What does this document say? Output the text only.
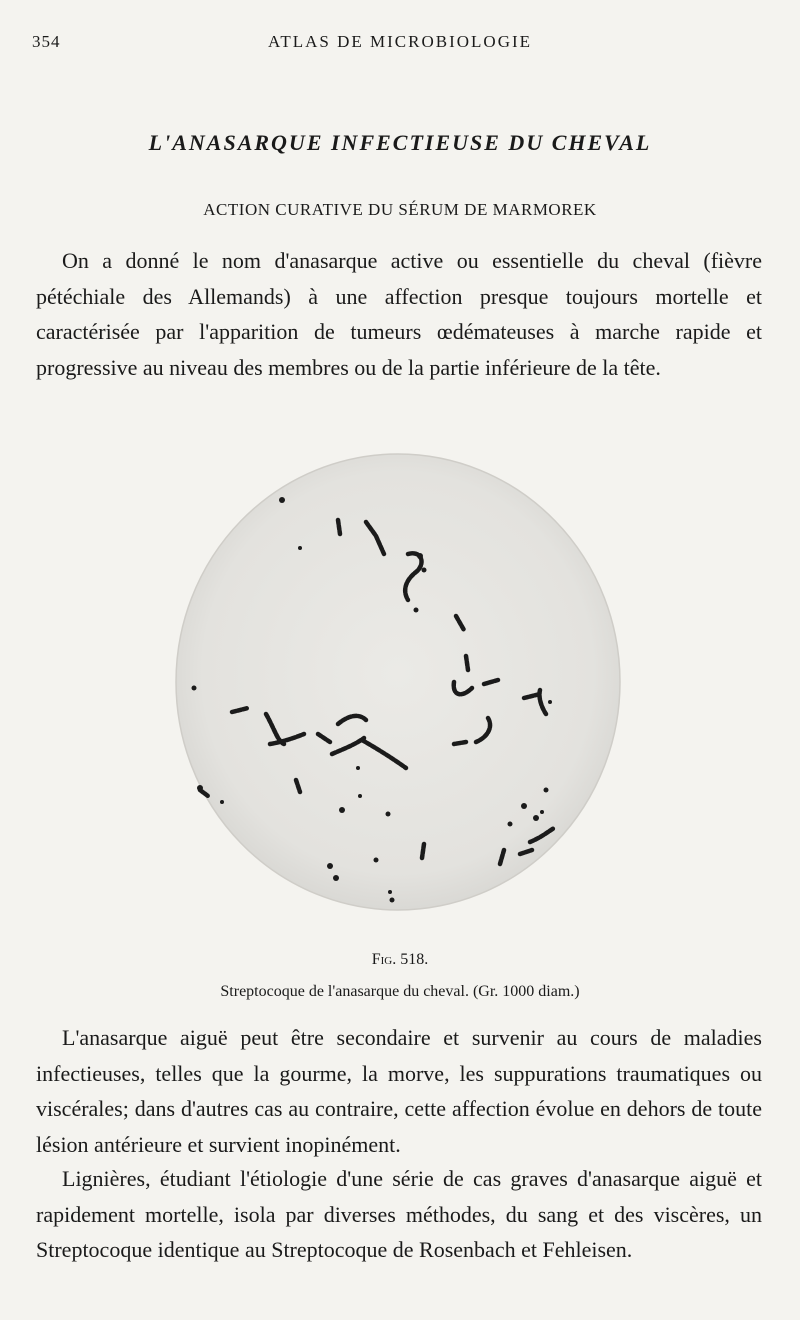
354	ATLAS DE MICROBIOLOGIE
L'ANASARQUE INFECTIEUSE DU CHEVAL
ACTION CURATIVE DU SÉRUM DE MARMOREK

On a donné le nom d'anasarque active ou essentielle du cheval (fièvre pétéchiale des Allemands) à une affection presque toujours mortelle et caractérisée par l'apparition de tumeurs œdémateuses à marche rapide et progressive au niveau des membres ou de la partie inférieure de la tête.

Fig. 518.
Streptocoque de l'anasarque du cheval. (Gr. 1000 diam.)

L'anasarque aiguë peut être secondaire et survenir au cours de maladies infectieuses, telles que la gourme, la morve, les suppurations traumatiques ou viscérales; dans d'autres cas au contraire, cette affection évolue en dehors de toute lésion antérieure et survient inopinément.

Lignières, étudiant l'étiologie d'une série de cas graves d'anasarque aiguë et rapidement mortelle, isola par diverses méthodes, du sang et des viscères, un Streptocoque identique au Streptocoque de Rosenbach et Fehleisen.
